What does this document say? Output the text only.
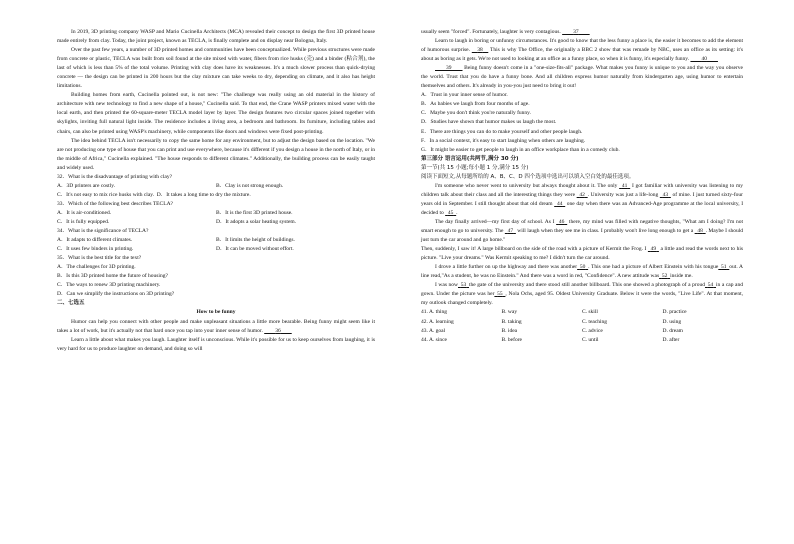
In 2019, 3D printing company WASP and Mario Cucinella Architects (MCA) revealed their concept to design the first 3D printed house made entirely from clay. Today, the joint project, known as TECLA, is finally complete and on display near Bologna, Italy.

Over the past few years, a number of 3D printed homes and communities have been conceptualized. While previous structures were made from concrete or plastic, TECLA was built from soil found at the site mixed with water, fibers from rice husks (壳) and a binder (粘合剂), the last of which is less than 5% of the total volume. Printing with clay does have its weaknesses. It's a much slower process than quick-drying concrete — the design can be printed in 200 hours but the clay mixture can take weeks to dry, depending on climate, and it also has height limitations.

Building homes from earth, Cucinella pointed out, is not new: "The challenge was really using an old material in the history of architecture with new technology to find a new shape of a house," Cucinella said. To that end, the Crane WASP printers mixed water with the local earth, and then printed the 60-square-meter TECLA model layer by layer. The design features two circular spaces joined together with skylights, inviting full natural light inside. The residence includes a living area, a bedroom and bathroom. Its furniture, including tables and chairs, can also be printed using WASP's machinery, while components like doors and windows were fixed post-printing.

The idea behind TECLA isn't necessarily to copy the same home for any environment, but to adjust the design based on the location. "We are not producing one type of house that you can print and use everywhere, because it's different if you design a house in the north of Italy, or in the middle of Africa," Cucinella explained. "The house responds to different climates." Additionally, the building process can be easily taught and widely used.

32．What is the disadvantage of printing with clay?

A．3D printers are costly.	B．Clay is not strong enough.
C．It's not easy to mix rice husks with clay.  D．It takes a long time to dry the mixture.

33．Which of the following best describes TECLA?

A．It is air-conditioned.	B．It is the first 3D printed house.
C．It is fully equipped.	D．It adopts a solar heating system.

34．What is the significance of TECLA?

A．It adapts to different climates.	B．It limits the height of buildings.
C．It uses few binders in printing.	D．It can be moved without effort.

35．What is the best title for the text?

A．The challenges for 3D printing.

B．Is this 3D printed home the future of housing?

C．The ways to renew 3D printing machinery.

D．Can we simplify the instructions on 3D printing?

二、七选五

How to be funny

Humor can help you connect with other people and make unpleasant situations a little more bearable. Being funny might seem like it takes a lot of work, but it's actually not that hard once you tap into your inner sense of humor.    36  

Learn a little about what makes you laugh. Laughter itself is unconscious. While it's possible for us to keep ourselves from laughing, it is very hard for us to produce laughter on demand, and doing so will

usually seem "forced". Fortunately, laughter is very contagious.    37  

Learn to laugh in boring or unfunny circumstances. It's good to know that the less funny a place is, the easier it becomes to add the element of humorous surprise.   38  This is why The Office, the originally a BBC 2 show that was remade by NBC, uses an office as its setting: it's about as boring as it gets. We're not used to looking at an office as a funny place, so when it is funny, it's especially funny.    40  

  39   Being funny doesn't come in a "one-size-fits-all" package. What makes you funny is unique to you and the way you observe the world. Trust that you do have a funny bone. And all children express humor naturally from kindergarten age, using humor to entertain themselves and others. It's already in you-you just need to bring it out!

A．Trust in your inner sense of humor.

B．As babies we laugh from four months of age.

C．Maybe you don't think you're naturally funny.

D．Studies have shown that humor makes us laugh the most.

E．There are things you can do to make yourself and other people laugh.

F．In a social context, it's easy to start laughing when others are laughing.

G．It might be easier to get people to laugh in an office workplace than in a comedy club.

第三部分 语言运用(共两节,满分 30 分)

第一节(共 15 小题;每小题 1 分,满分 15 分)

阅读下面短文,从每题所给的 A、B、C、D 四个选项中选出可以填入空白处的最佳选项。

I'm someone who never went to university but always thought about it. The only   41  I got familiar with university was listening to my children talk about their class and all the interesting things they were   42  . University was just a life-long   43  of mine. I just turned sixty-four years old in September. I still thought about that old dream   44  one day when there was an Advanced-Age programme at the local university, I decided to   45  .

The day finally arrived—my first day of school. As I   46  there, my mind was filled with negative thoughts, "What am I doing? I'm not smart enough to go to university. The   47  will laugh when they see me in class. I probably won't live long enough to get a   48  . Maybe I should just turn the car around and go home."

Then, suddenly, I saw it! A large billboard on the side of the road with a picture of Kermit the Frog. I   49  a little and read the words next to his picture. "Live your dreams." Was Kermit speaking to me? I didn't turn the car around.

I drove a little further on up the highway and there was another  50  . This one had a picture of Albert Einstein with his tongue  51  out. A line read,"As a student, he was no Einstein." And there was a word in red, "Confidence". A new attitude was  52  inside me.

I was now  53  the gate of the university and there stood still another billboard. This one showed a photograph of a proud  54  in a cap and gown. Under the picture was her  55  , Nola Ochs, aged 95. Oldest University Graduate. Below it were the words, "Live Life". At that moment, my outlook changed completely.

41. A. thing	B. way	C. skill	D. practice
42. A. learning	B. taking	C. teaching	D. using
43. A. goal	B. idea	C. advice	D. dream
44. A. since	B. before	C. until	D. after
